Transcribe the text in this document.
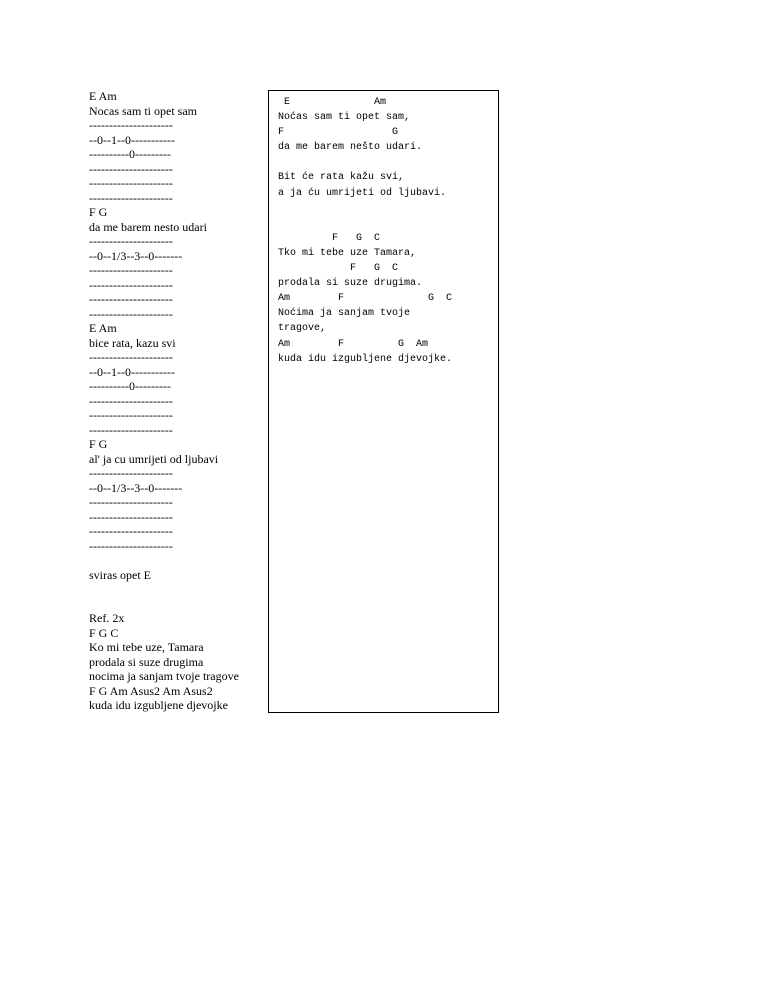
E Am
Nocas sam ti opet sam
---------------------
--0--1--0-----------
----------0---------
---------------------
---------------------
---------------------
F G
da me barem nesto udari
---------------------
--0--1/3--3--0-------
---------------------
---------------------
---------------------
---------------------
E Am
bice rata, kazu svi
---------------------
--0--1--0-----------
----------0---------
---------------------
---------------------
---------------------
F G
al' ja cu umrijeti od ljubavi
---------------------
--0--1/3--3--0-------
---------------------
---------------------
---------------------
---------------------
sviras opet E
Ref. 2x
F G C
Ko mi tebe uze, Tamara
prodala si suze drugima
nocima ja sanjam tvoje tragove
F G Am Asus2 Am Asus2
kuda idu izgubljene djevojke
E              Am
Noćas sam ti opet sam,
F                  G
da me barem nešto udari.
Bit će rata kažu svi,
a ja ću umrijeti od ljubavi.
F   G  C
Tko mi tebe uze Tamara,
F   G  C
prodala si suze drugima.
Am        F              G  C
Noćima ja sanjam tvoje
tragove,
Am        F         G  Am
kuda idu izgubljene djevojke.
